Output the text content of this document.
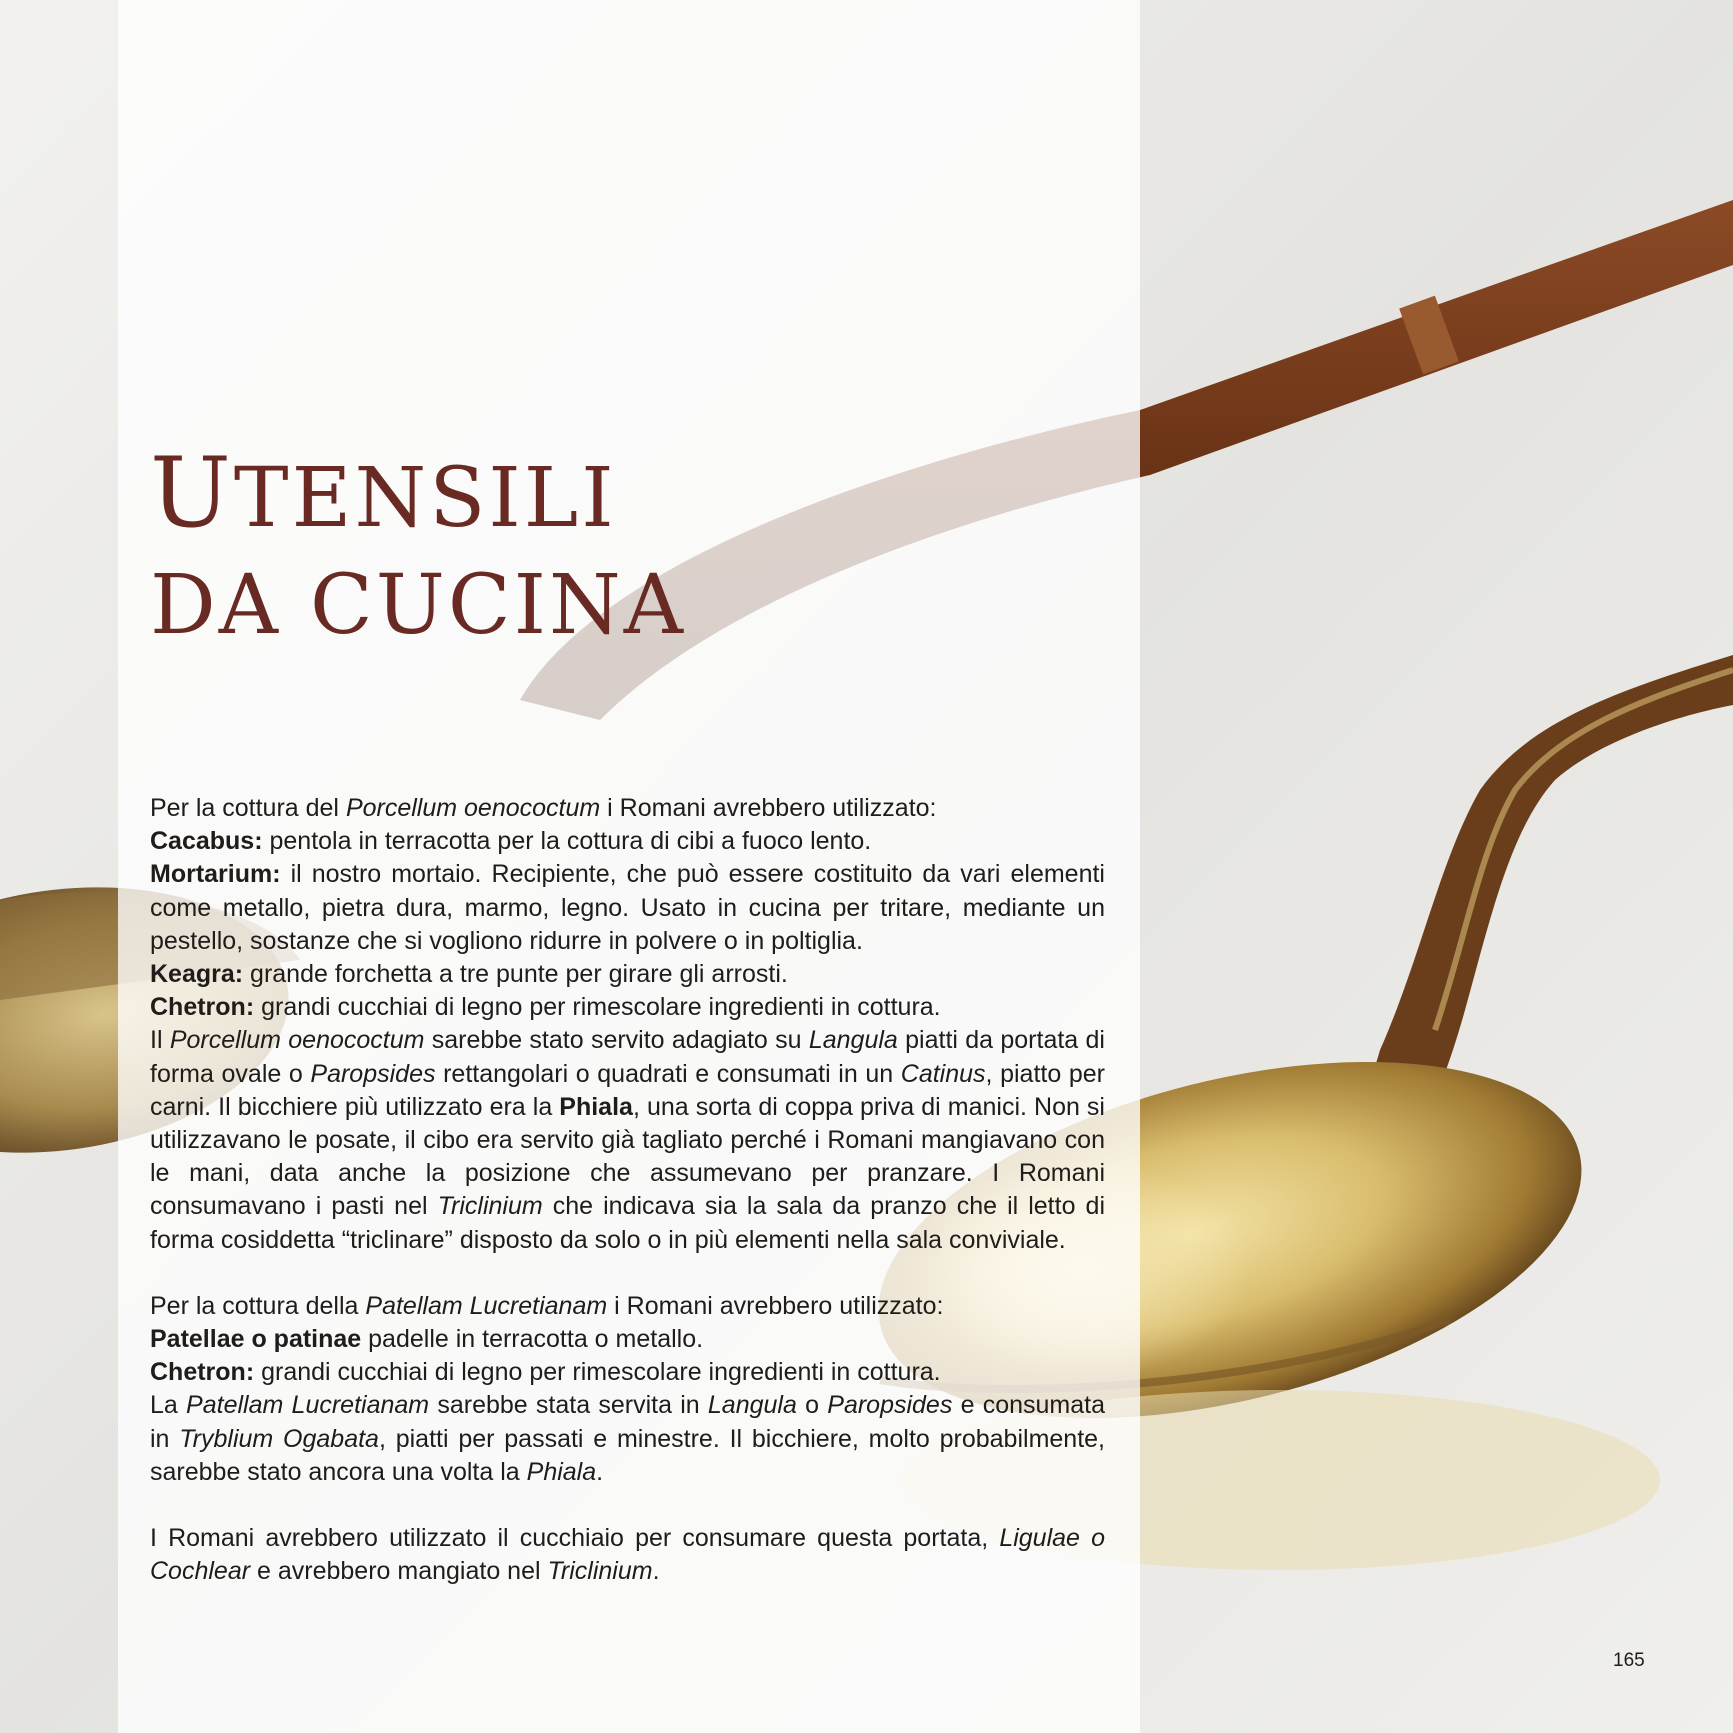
UTENSILI
DA CUCINA

Per la cottura del Porcellum oenococtum i Romani avrebbero utilizzato:

Cacabus: pentola in terracotta per la cottura di cibi a fuoco lento.

Mortarium: il nostro mortaio. Recipiente, che può essere costituito da vari elementi come metallo, pietra dura, marmo, legno. Usato in cucina per tritare, mediante un pestello, sostanze che si vogliono ridurre in polvere o in poltiglia.

Keagra: grande forchetta a tre punte per girare gli arrosti.

Chetron: grandi cucchiai di legno per rimescolare ingredienti in cottura.

Il Porcellum oenococtum sarebbe stato servito adagiato su Langula piatti da portata di forma ovale o Paropsides rettangolari o quadrati e consumati in un Catinus, piatto per carni. Il bicchiere più utilizzato era la Phiala, una sorta di coppa priva di manici. Non si utilizzavano le posate, il cibo era servito già tagliato perché i Romani mangiavano con le mani, data anche la posizione che assumevano per pranzare. I Romani consumavano i pasti nel Triclinium che indicava sia la sala da pranzo che il letto di forma cosiddetta “triclinare” disposto da solo o in più elementi nella sala conviviale.

Per la cottura della Patellam Lucretianam i Romani avrebbero utilizzato:

Patellae o patinae padelle in terracotta o metallo.

Chetron: grandi cucchiai di legno per rimescolare ingredienti in cottura.

La Patellam Lucretianam sarebbe stata servita in Langula o Paropsides e consumata in Tryblium Ogabata, piatti per passati e minestre. Il bicchiere, molto probabilmente, sarebbe stato ancora una volta la Phiala.

I Romani avrebbero utilizzato il cucchiaio per consumare questa portata, Ligulae o Cochlear e avrebbero mangiato nel Triclinium.

165
